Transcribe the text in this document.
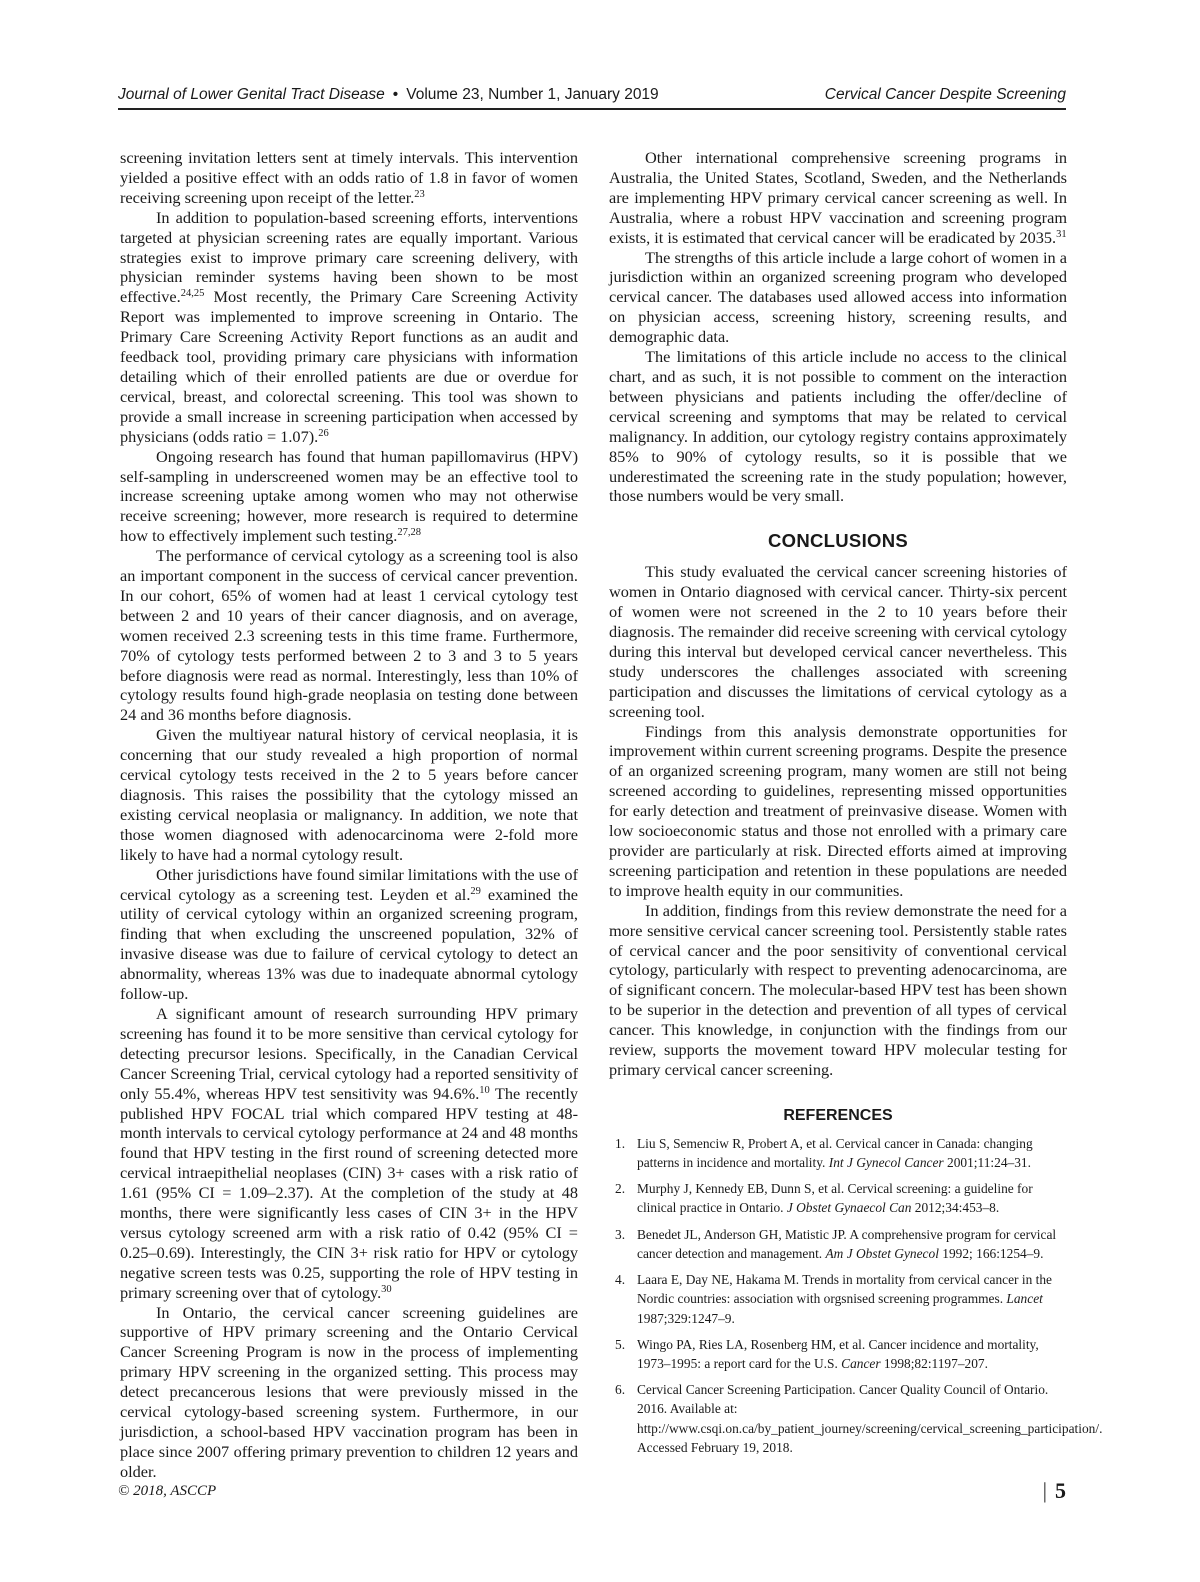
Journal of Lower Genital Tract Disease • Volume 23, Number 1, January 2019	Cervical Cancer Despite Screening

screening invitation letters sent at timely intervals. This intervention yielded a positive effect with an odds ratio of 1.8 in favor of women receiving screening upon receipt of the letter.$^{23}$

In addition to population-based screening efforts, interventions targeted at physician screening rates are equally important. Various strategies exist to improve primary care screening delivery, with physician reminder systems having been shown to be most effective.$^{24,25}$ Most recently, the Primary Care Screening Activity Report was implemented to improve screening in Ontario. The Primary Care Screening Activity Report functions as an audit and feedback tool, providing primary care physicians with information detailing which of their enrolled patients are due or overdue for cervical, breast, and colorectal screening. This tool was shown to provide a small increase in screening participation when accessed by physicians (odds ratio = 1.07).$^{26}$

Ongoing research has found that human papillomavirus (HPV) self-sampling in underscreened women may be an effective tool to increase screening uptake among women who may not otherwise receive screening; however, more research is required to determine how to effectively implement such testing.$^{27,28}$

The performance of cervical cytology as a screening tool is also an important component in the success of cervical cancer prevention. In our cohort, 65% of women had at least 1 cervical cytology test between 2 and 10 years of their cancer diagnosis, and on average, women received 2.3 screening tests in this time frame. Furthermore, 70% of cytology tests performed between 2 to 3 and 3 to 5 years before diagnosis were read as normal. Interestingly, less than 10% of cytology results found high-grade neoplasia on testing done between 24 and 36 months before diagnosis.

Given the multiyear natural history of cervical neoplasia, it is concerning that our study revealed a high proportion of normal cervical cytology tests received in the 2 to 5 years before cancer diagnosis. This raises the possibility that the cytology missed an existing cervical neoplasia or malignancy. In addition, we note that those women diagnosed with adenocarcinoma were 2-fold more likely to have had a normal cytology result.

Other jurisdictions have found similar limitations with the use of cervical cytology as a screening test. Leyden et al.$^{29}$ examined the utility of cervical cytology within an organized screening program, finding that when excluding the unscreened population, 32% of invasive disease was due to failure of cervical cytology to detect an abnormality, whereas 13% was due to inadequate abnormal cytology follow-up.

A significant amount of research surrounding HPV primary screening has found it to be more sensitive than cervical cytology for detecting precursor lesions. Specifically, in the Canadian Cervical Cancer Screening Trial, cervical cytology had a reported sensitivity of only 55.4%, whereas HPV test sensitivity was 94.6%.$^{10}$ The recently published HPV FOCAL trial which compared HPV testing at 48-month intervals to cervical cytology performance at 24 and 48 months found that HPV testing in the first round of screening detected more cervical intraepithelial neoplases (CIN) 3+ cases with a risk ratio of 1.61 (95% CI = 1.09–2.37). At the completion of the study at 48 months, there were significantly less cases of CIN 3+ in the HPV versus cytology screened arm with a risk ratio of 0.42 (95% CI = 0.25–0.69). Interestingly, the CIN 3+ risk ratio for HPV or cytology negative screen tests was 0.25, supporting the role of HPV testing in primary screening over that of cytology.$^{30}$

In Ontario, the cervical cancer screening guidelines are supportive of HPV primary screening and the Ontario Cervical Cancer Screening Program is now in the process of implementing primary HPV screening in the organized setting. This process may detect precancerous lesions that were previously missed in the cervical cytology-based screening system. Furthermore, in our jurisdiction, a school-based HPV vaccination program has been in place since 2007 offering primary prevention to children 12 years and older.

Other international comprehensive screening programs in Australia, the United States, Scotland, Sweden, and the Netherlands are implementing HPV primary cervical cancer screening as well. In Australia, where a robust HPV vaccination and screening program exists, it is estimated that cervical cancer will be eradicated by 2035.31

The strengths of this article include a large cohort of women in a jurisdiction within an organized screening program who developed cervical cancer. The databases used allowed access into information on physician access, screening history, screening results, and demographic data.

The limitations of this article include no access to the clinical chart, and as such, it is not possible to comment on the interaction between physicians and patients including the offer/decline of cervical screening and symptoms that may be related to cervical malignancy. In addition, our cytology registry contains approximately 85% to 90% of cytology results, so it is possible that we underestimated the screening rate in the study population; however, those numbers would be very small.

CONCLUSIONS

This study evaluated the cervical cancer screening histories of women in Ontario diagnosed with cervical cancer. Thirty-six percent of women were not screened in the 2 to 10 years before their diagnosis. The remainder did receive screening with cervical cytology during this interval but developed cervical cancer nevertheless. This study underscores the challenges associated with screening participation and discusses the limitations of cervical cytology as a screening tool.

Findings from this analysis demonstrate opportunities for improvement within current screening programs. Despite the presence of an organized screening program, many women are still not being screened according to guidelines, representing missed opportunities for early detection and treatment of preinvasive disease. Women with low socioeconomic status and those not enrolled with a primary care provider are particularly at risk. Directed efforts aimed at improving screening participation and retention in these populations are needed to improve health equity in our communities.

In addition, findings from this review demonstrate the need for a more sensitive cervical cancer screening tool. Persistently stable rates of cervical cancer and the poor sensitivity of conventional cervical cytology, particularly with respect to preventing adenocarcinoma, are of significant concern. The molecular-based HPV test has been shown to be superior in the detection and prevention of all types of cervical cancer. This knowledge, in conjunction with the findings from our review, supports the movement toward HPV molecular testing for primary cervical cancer screening.

REFERENCES
1. Liu S, Semenciw R, Probert A, et al. Cervical cancer in Canada: changing patterns in incidence and mortality. Int J Gynecol Cancer 2001;11:24–31.
2. Murphy J, Kennedy EB, Dunn S, et al. Cervical screening: a guideline for clinical practice in Ontario. J Obstet Gynaecol Can 2012;34:453–8.
3. Benedet JL, Anderson GH, Matistic JP. A comprehensive program for cervical cancer detection and management. Am J Obstet Gynecol 1992; 166:1254–9.
4. Laara E, Day NE, Hakama M. Trends in mortality from cervical cancer in the Nordic countries: association with orgsnised screening programmes. Lancet 1987;329:1247–9.
5. Wingo PA, Ries LA, Rosenberg HM, et al. Cancer incidence and mortality, 1973–1995: a report card for the U.S. Cancer 1998;82:1197–207.
6. Cervical Cancer Screening Participation. Cancer Quality Council of Ontario. 2016. Available at: http://www.csqi.on.ca/by_patient_journey/screening/cervical_screening_participation/. Accessed February 19, 2018.
© 2018, ASCCP	| 5
